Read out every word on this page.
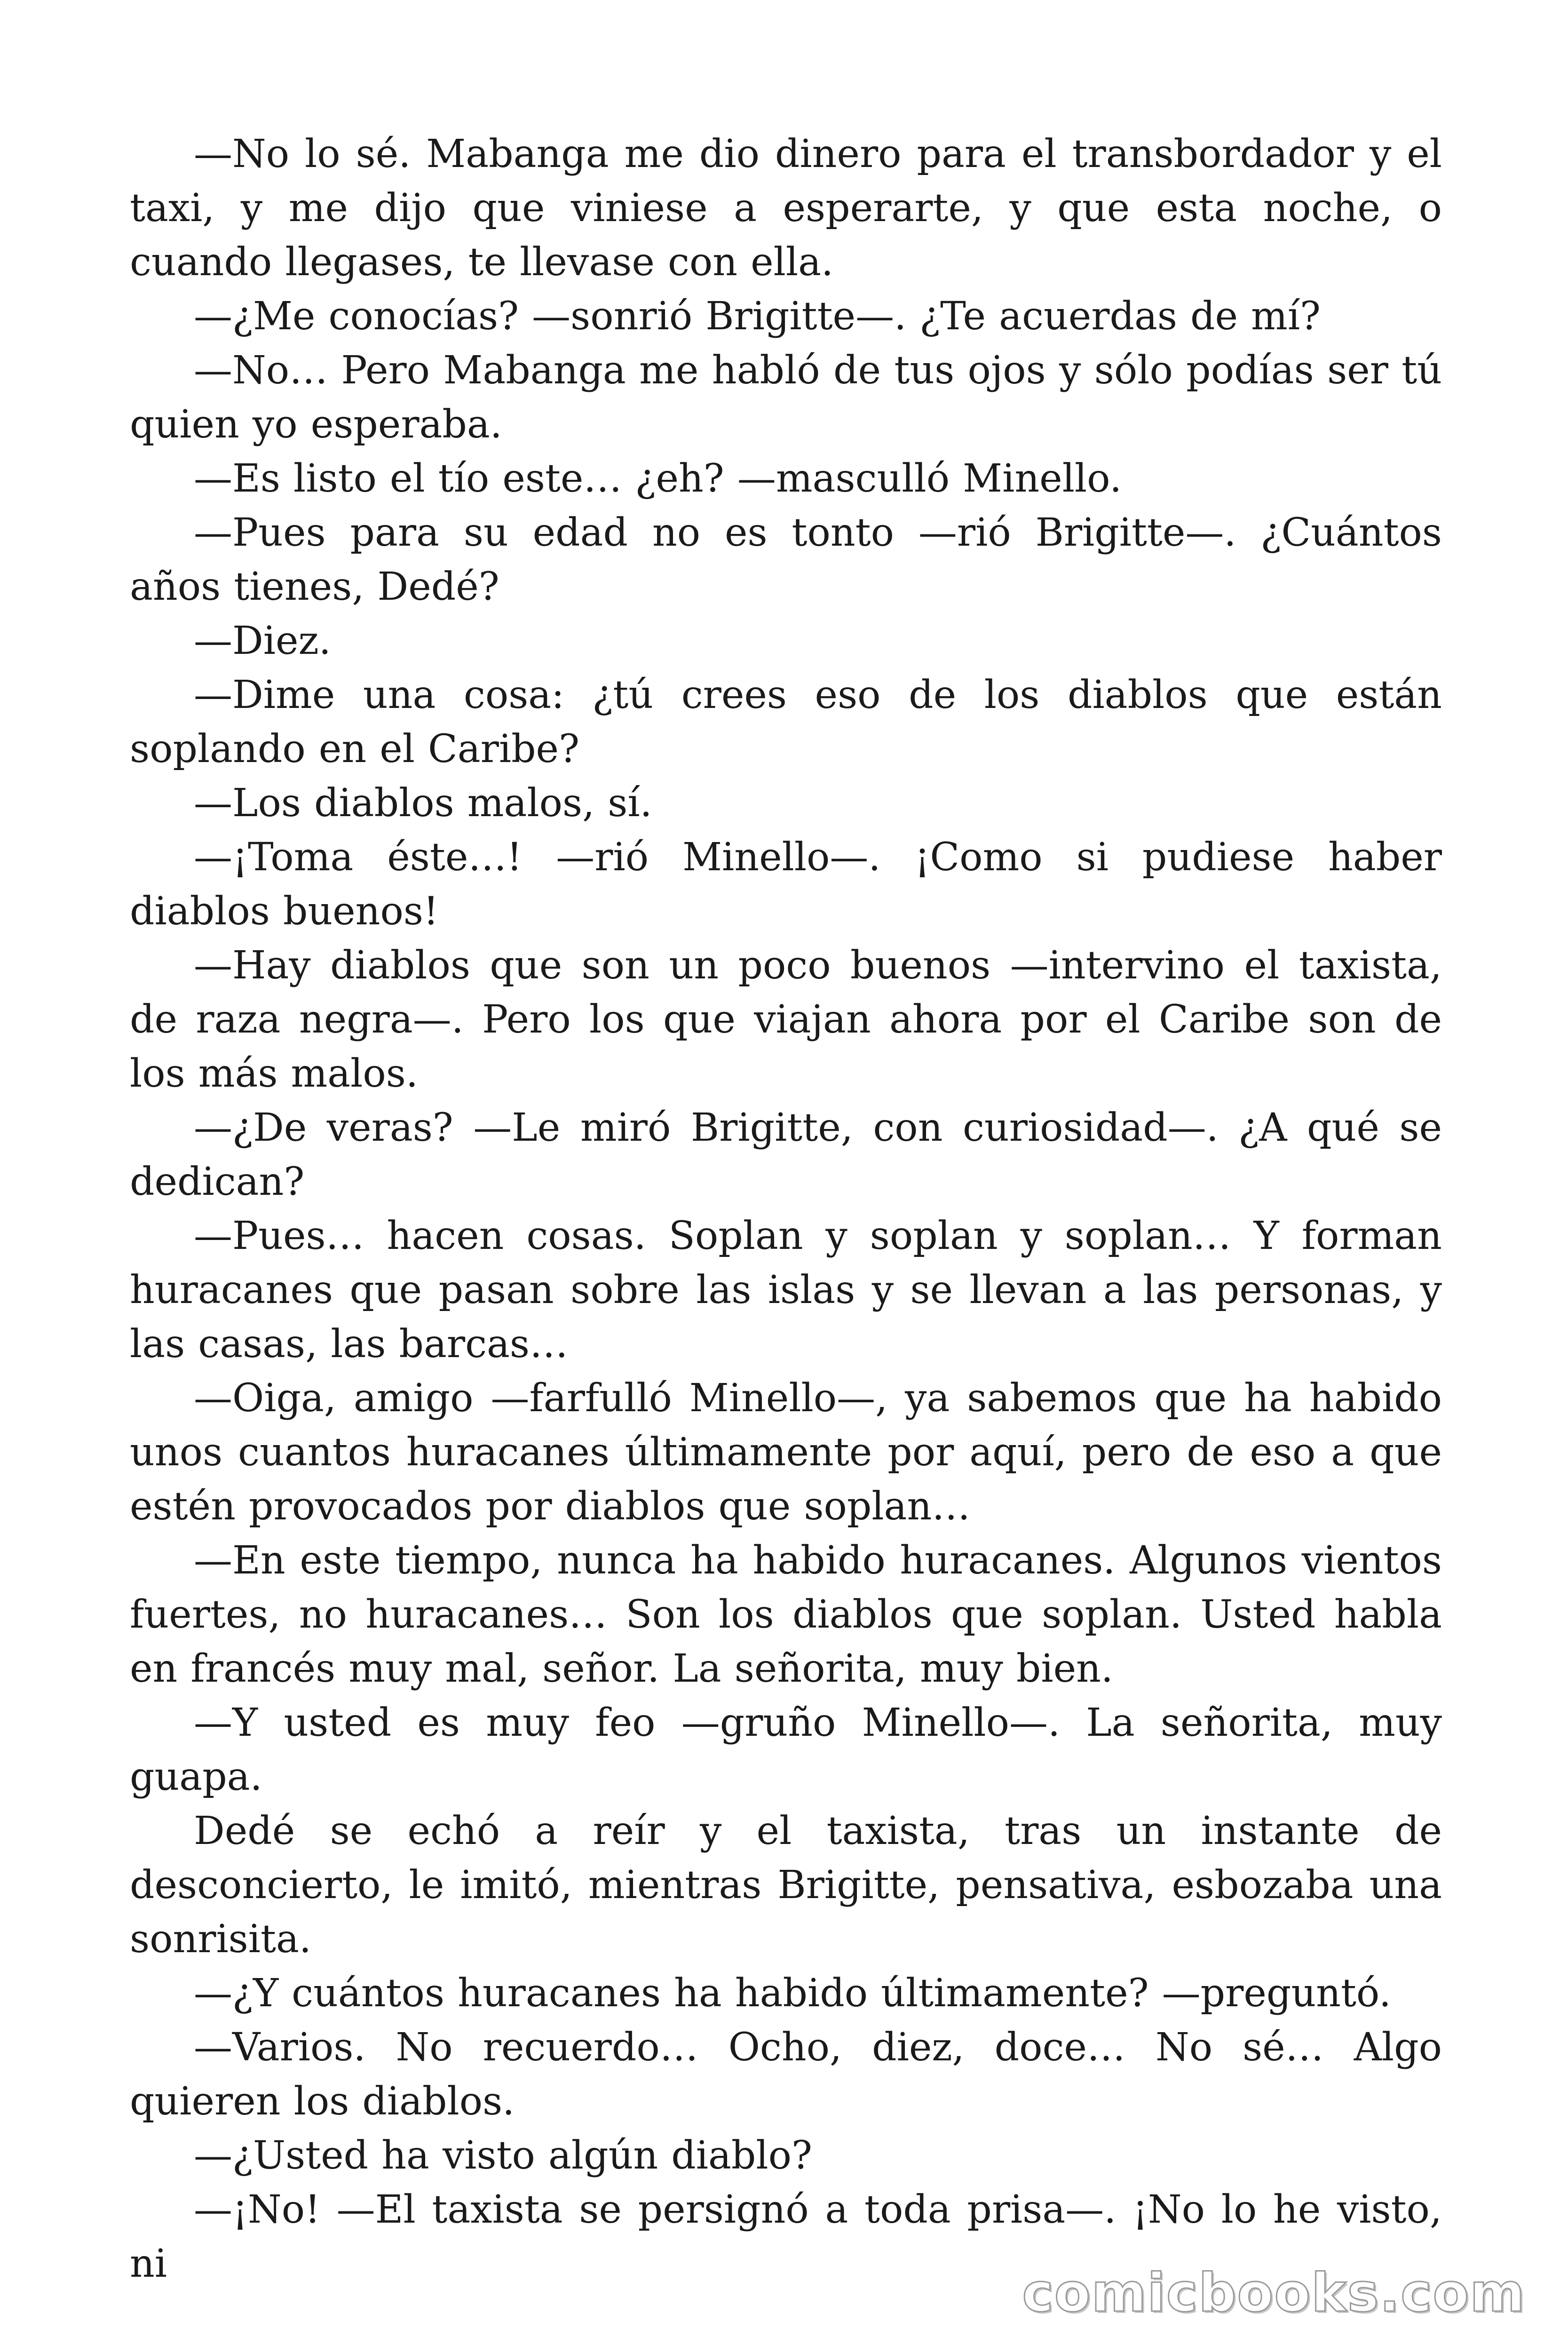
—No lo sé. Mabanga me dio dinero para el transbordador y el taxi, y me dijo que viniese a esperarte, y que esta noche, o cuando llegases, te llevase con ella.

—¿Me conocías? —sonrió Brigitte—. ¿Te acuerdas de mí?

—No… Pero Mabanga me habló de tus ojos y sólo podías ser tú quien yo esperaba.

—Es listo el tío este… ¿eh? —masculló Minello.

—Pues para su edad no es tonto —rió Brigitte—. ¿Cuántos años tienes, Dedé?

—Diez.

—Dime una cosa: ¿tú crees eso de los diablos que están soplando en el Caribe?

—Los diablos malos, sí.

—¡Toma éste…! —rió Minello—. ¡Como si pudiese haber diablos buenos!

—Hay diablos que son un poco buenos —intervino el taxista, de raza negra—. Pero los que viajan ahora por el Caribe son de los más malos.

—¿De veras? —Le miró Brigitte, con curiosidad—. ¿A qué se dedican?

—Pues… hacen cosas. Soplan y soplan y soplan… Y forman huracanes que pasan sobre las islas y se llevan a las personas, y las casas, las barcas…

—Oiga, amigo —farfulló Minello—, ya sabemos que ha habido unos cuantos huracanes últimamente por aquí, pero de eso a que estén provocados por diablos que soplan…

—En este tiempo, nunca ha habido huracanes. Algunos vientos fuertes, no huracanes… Son los diablos que soplan. Usted habla en francés muy mal, señor. La señorita, muy bien.

—Y usted es muy feo —gruño Minello—. La señorita, muy guapa.

Dedé se echó a reír y el taxista, tras un instante de desconcierto, le imitó, mientras Brigitte, pensativa, esbozaba una sonrisita.

—¿Y cuántos huracanes ha habido últimamente? —preguntó.

—Varios. No recuerdo… Ocho, diez, doce… No sé… Algo quieren los diablos.

—¿Usted ha visto algún diablo?

—¡No! —El taxista se persignó a toda prisa—. ¡No lo he visto, ni	comicbooks.com
